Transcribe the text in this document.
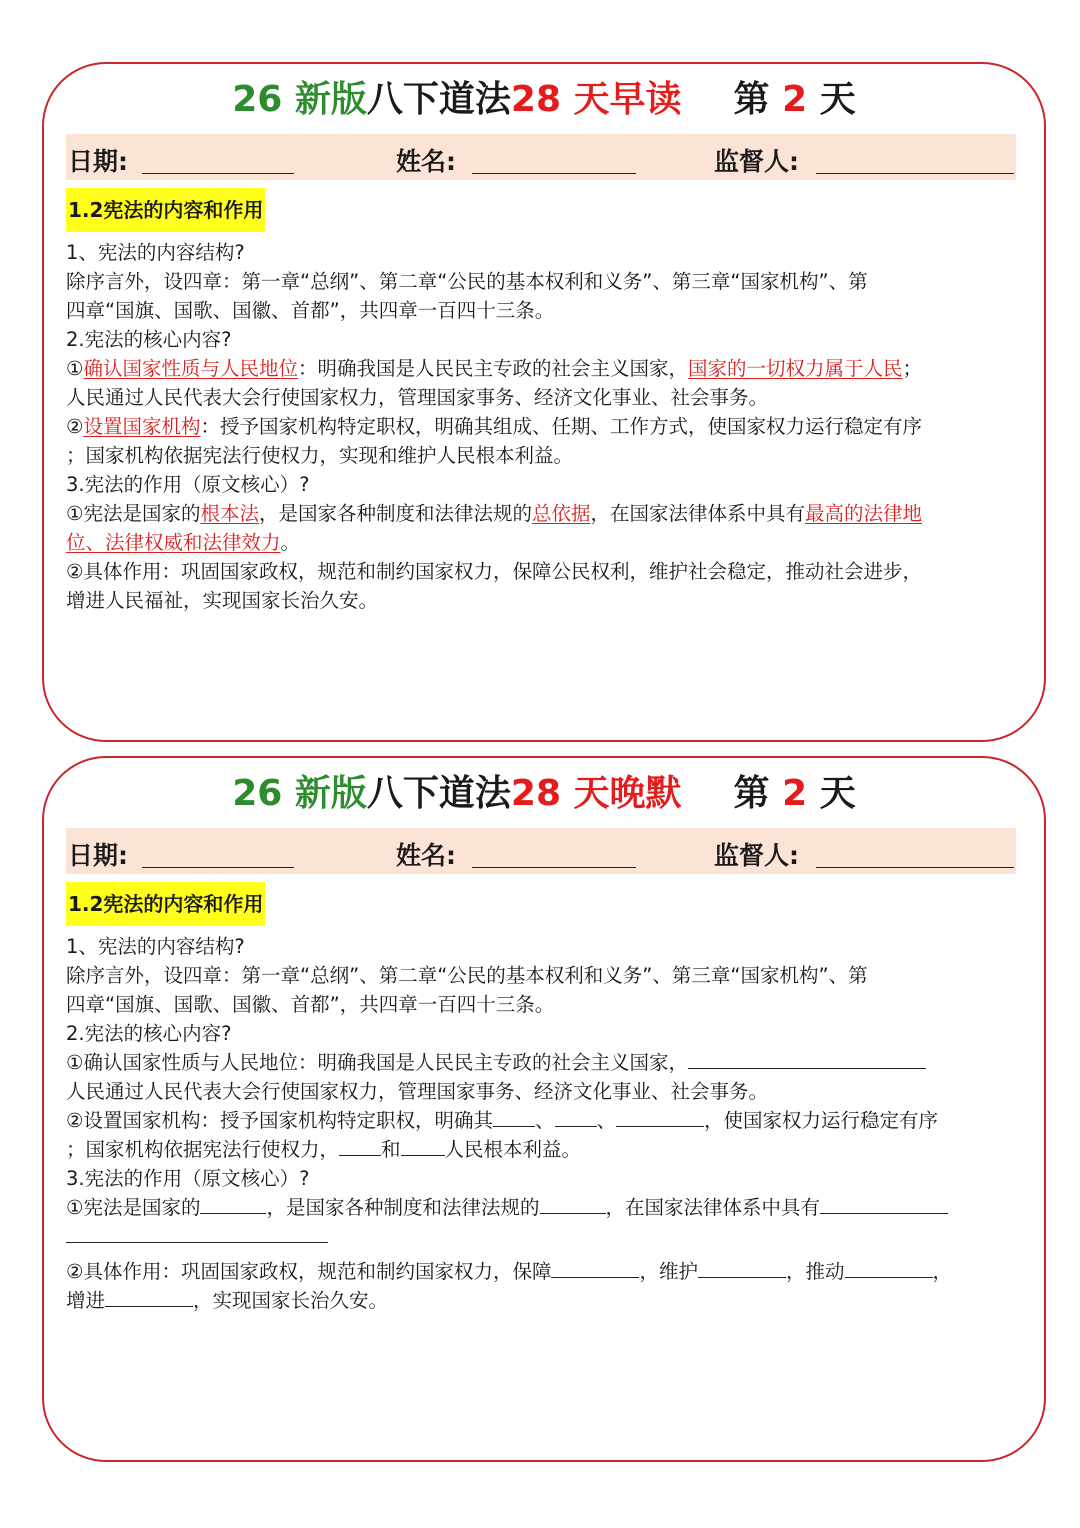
26 新版八下道法28 天早读 第 2 天
日期:	姓名:	监督人:
1.2宪法的内容和作用
1、宪法的内容结构?
除序言外，设四章：第一章“总纲”、第二章“公民的基本权利和义务”、第三章“国家机构”、第
四章“国旗、国歌、国徽、首都”，共四章一百四十三条。
2.宪法的核心内容?
①确认国家性质与人民地位：明确我国是人民民主专政的社会主义国家，国家的一切权力属于人民；
人民通过人民代表大会行使国家权力，管理国家事务、经济文化事业、社会事务。
②设置国家机构：授予国家机构特定职权，明确其组成、任期、工作方式，使国家权力运行稳定有序
；国家机构依据宪法行使权力，实现和维护人民根本利益。
3.宪法的作用（原文核心）?
①宪法是国家的根本法，是国家各种制度和法律法规的总依据，在国家法律体系中具有最高的法律地
位、法律权威和法律效力。
②具体作用：巩固国家政权，规范和制约国家权力，保障公民权利，维护社会稳定，推动社会进步，
增进人民福祉，实现国家长治久安。
26 新版八下道法28 天晚默 第 2 天
日期:	姓名:	监督人:
1.2宪法的内容和作用
1、宪法的内容结构?
除序言外，设四章：第一章“总纲”、第二章“公民的基本权利和义务”、第三章“国家机构”、第
四章“国旗、国歌、国徽、首都”，共四章一百四十三条。
2.宪法的核心内容?
①确认国家性质与人民地位：明确我国是人民民主专政的社会主义国家，
人民通过人民代表大会行使国家权力，管理国家事务、经济文化事业、社会事务。
②设置国家机构：授予国家机构特定职权，明确其 、 、	，使国家权力运行稳定有序
；国家机构依据宪法行使权力， 和 人民根本利益。
3.宪法的作用（原文核心）?
①宪法是国家的	，是国家各种制度和法律法规的	，在国家法律体系中具有
②具体作用：巩固国家政权，规范和制约国家权力，保障	，维护	，推动	，
增进	，实现国家长治久安。
